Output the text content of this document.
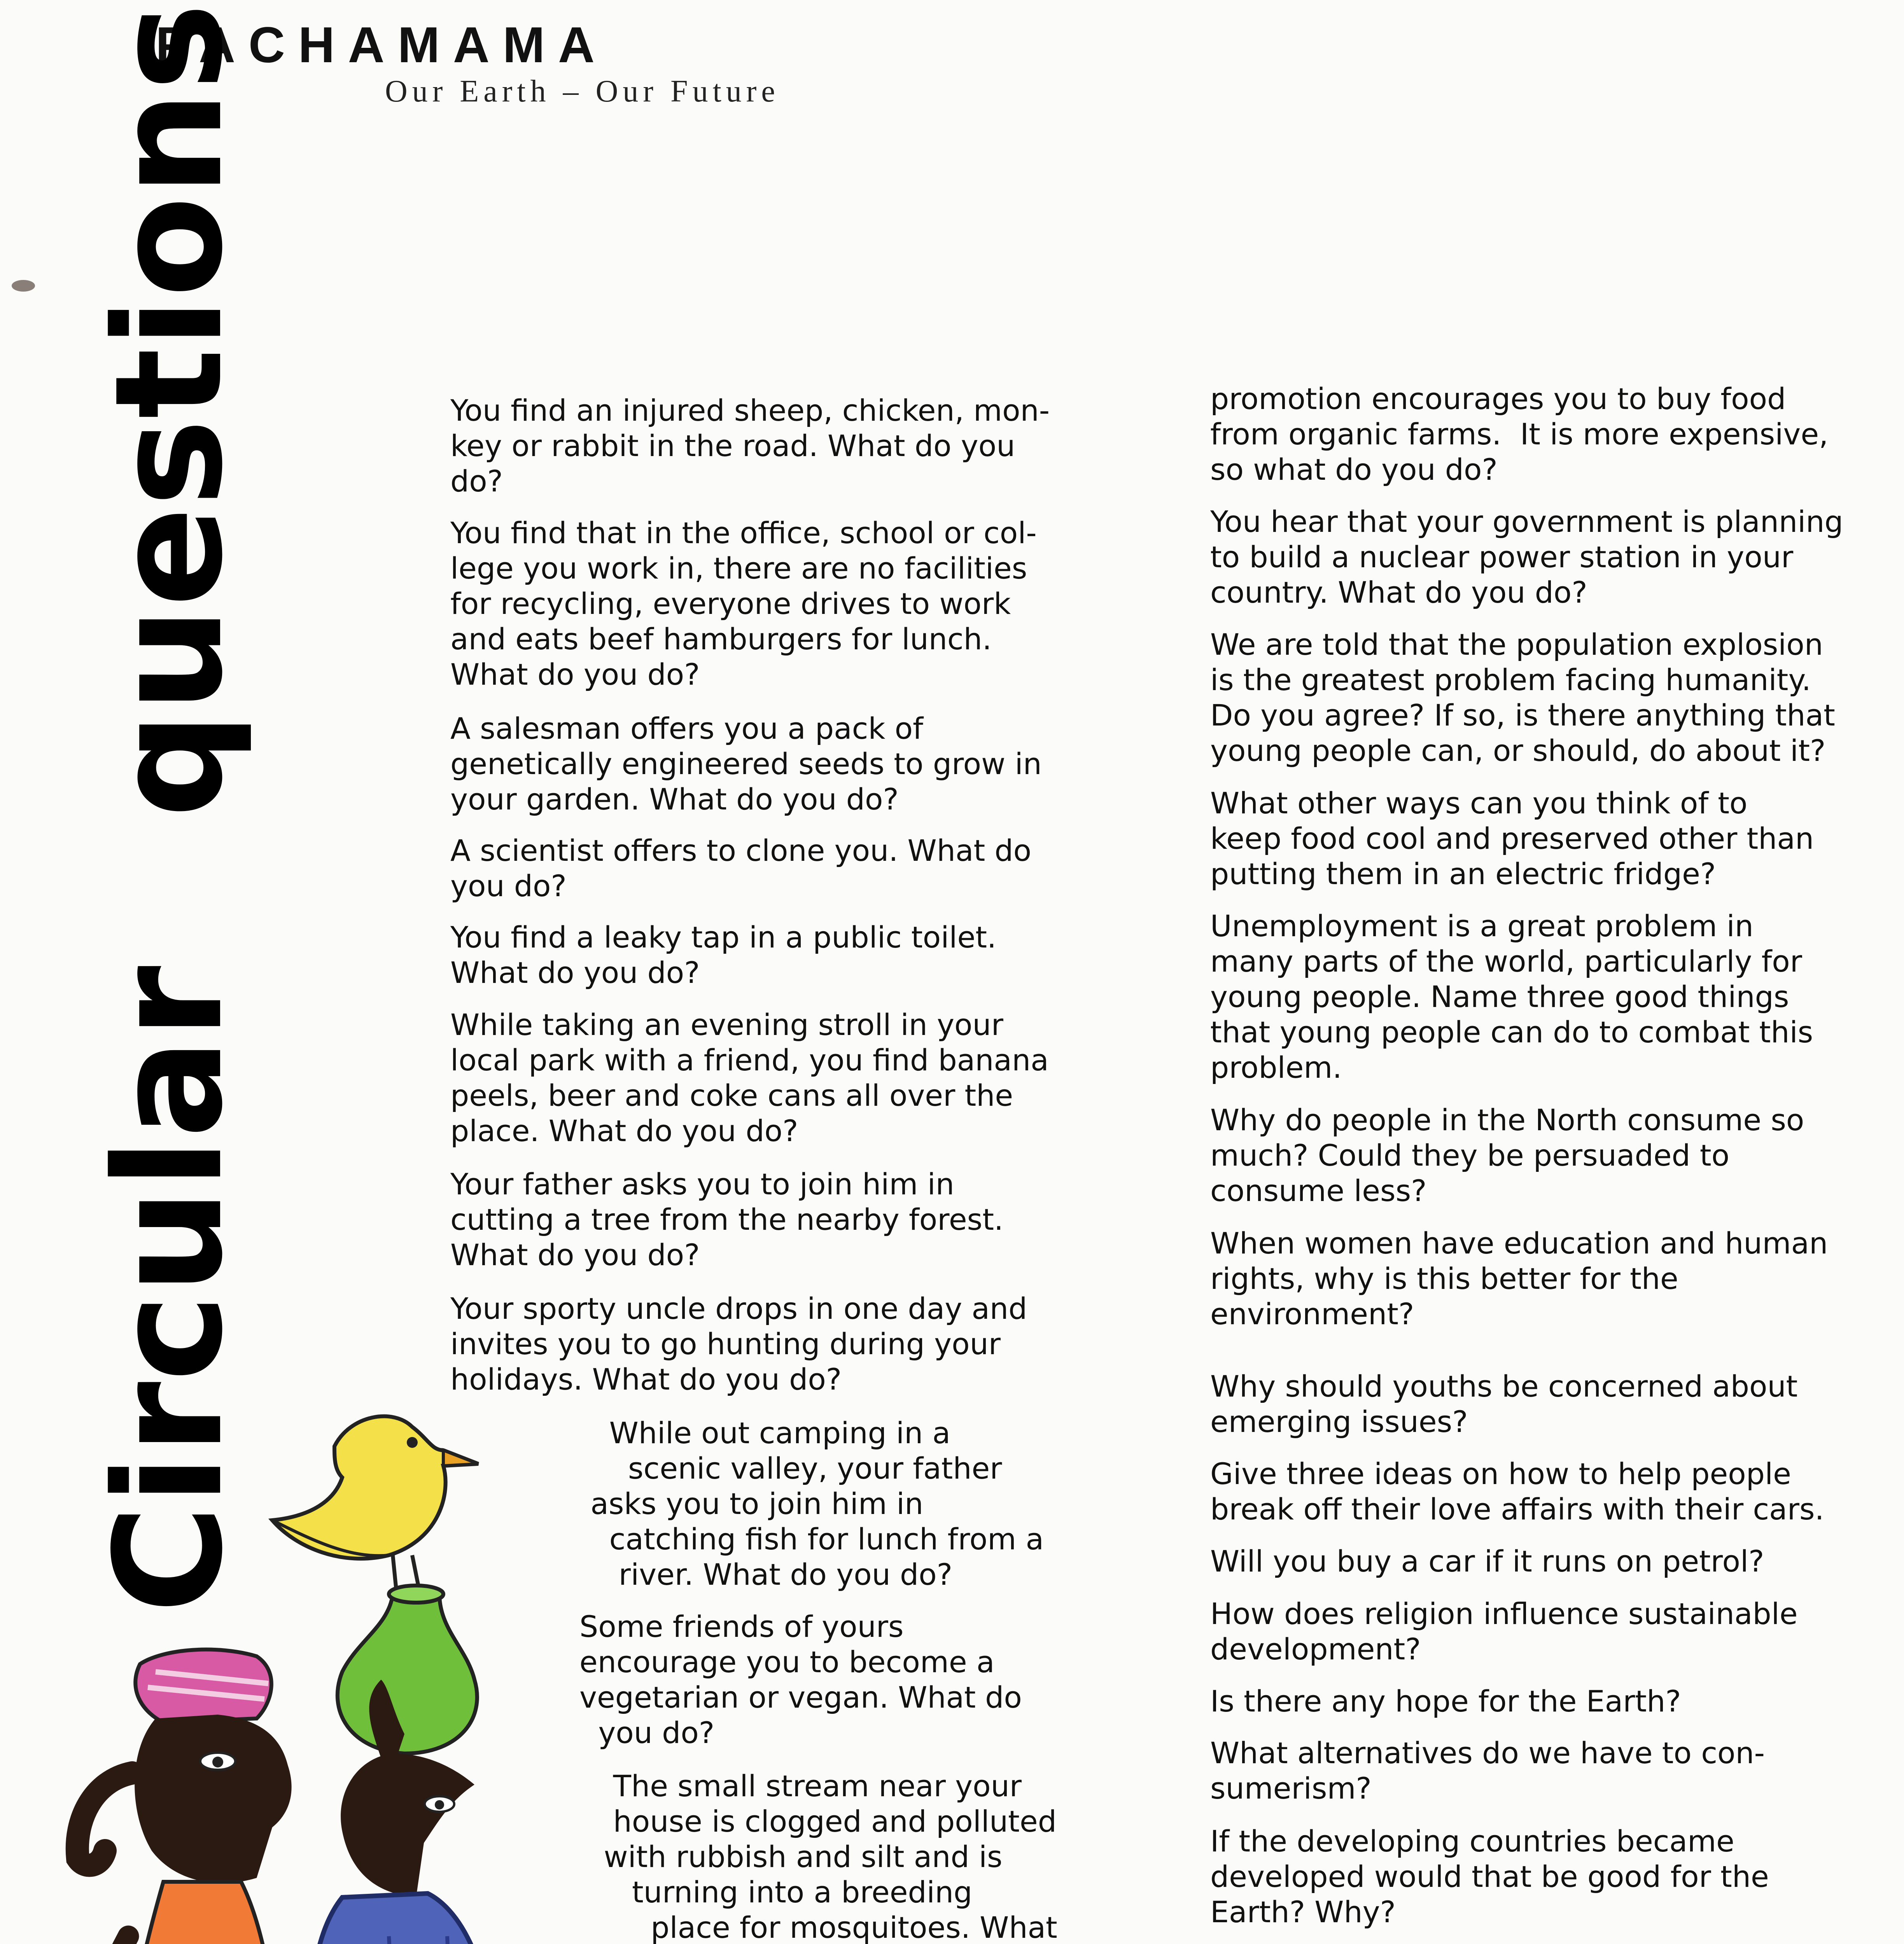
PACHAMAMA
Our Earth – Our Future
Circularquestions	You find an injured sheep, chicken, mon-
key or rabbit in the road. What do you
do?

You find that in the office, school or col-
lege you work in, there are no facilities
for recycling, everyone drives to work
and eats beef hamburgers for lunch.
What do you do?

A salesman offers you a pack of
genetically engineered seeds to grow in
your garden. What do you do?

A scientist offers to clone you. What do
you do?

You find a leaky tap in a public toilet.
What do you do?

While taking an evening stroll in your
local park with a friend, you find banana
peels, beer and coke cans all over the
place. What do you do?

Your father asks you to join him in
cutting a tree from the nearby forest.
What do you do?

Your sporty uncle drops in one day and
invites you to go hunting during your
holidays. What do you do?

While out camping in a
scenic valley, your father
asks you to join him in
catching fish for lunch from a
river. What do you do?

Some friends of yours
encourage you to become a
vegetarian or vegan. What do
you do?

The small stream near your
house is clogged and polluted
with rubbish and silt and is
turning into a breeding
place for mosquitoes. What

promotion encourages you to buy food
from organic farms.  It is more expensive,
so what do you do?

You hear that your government is planning
to build a nuclear power station in your
country. What do you do?

We are told that the population explosion
is the greatest problem facing humanity.
Do you agree? If so, is there anything that
young people can, or should, do about it?

What other ways can you think of to
keep food cool and preserved other than
putting them in an electric fridge?

Unemployment is a great problem in
many parts of the world, particularly for
young people. Name three good things
that young people can do to combat this
problem.

Why do people in the North consume so
much? Could they be persuaded to
consume less?

When women have education and human
rights, why is this better for the
environment?

Why should youths be concerned about
emerging issues?

Give three ideas on how to help people
break off their love affairs with their cars.

Will you buy a car if it runs on petrol?

How does religion influence sustainable
development?

Is there any hope for the Earth?

What alternatives do we have to con-
sumerism?

If the developing countries became
developed would that be good for the
Earth? Why?
